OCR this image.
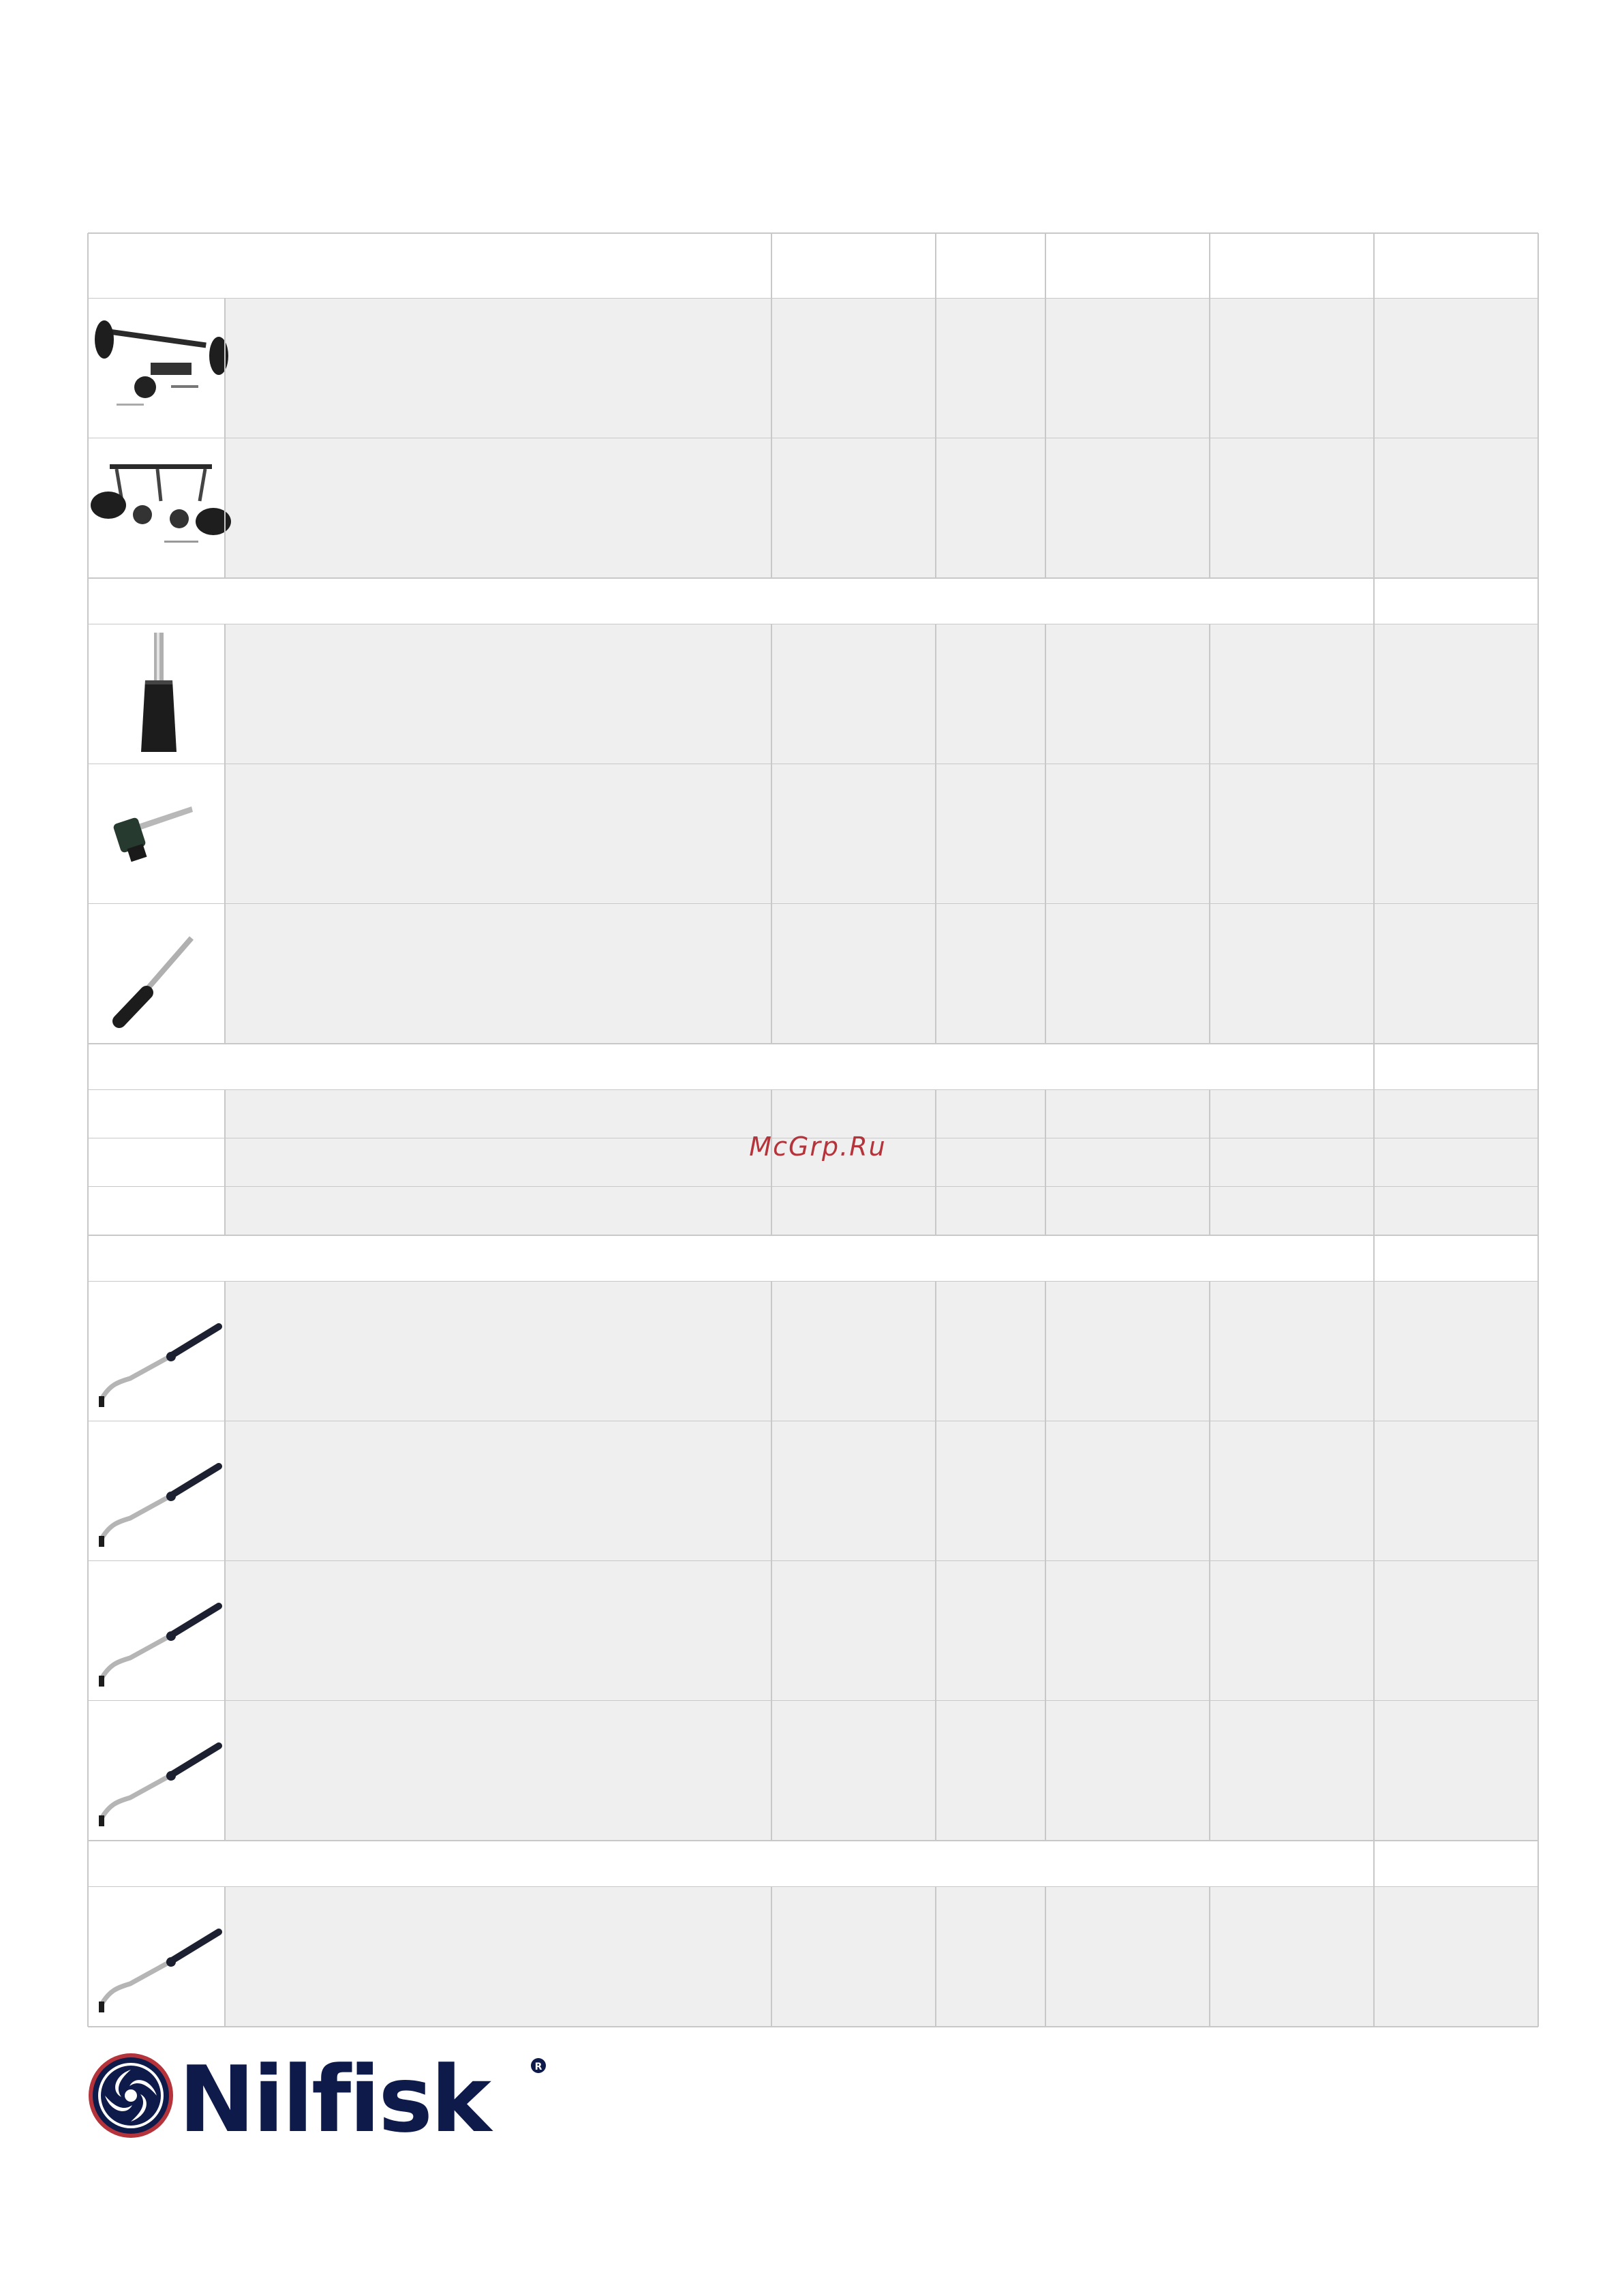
McGrp.Ru
Nilfisk	R
